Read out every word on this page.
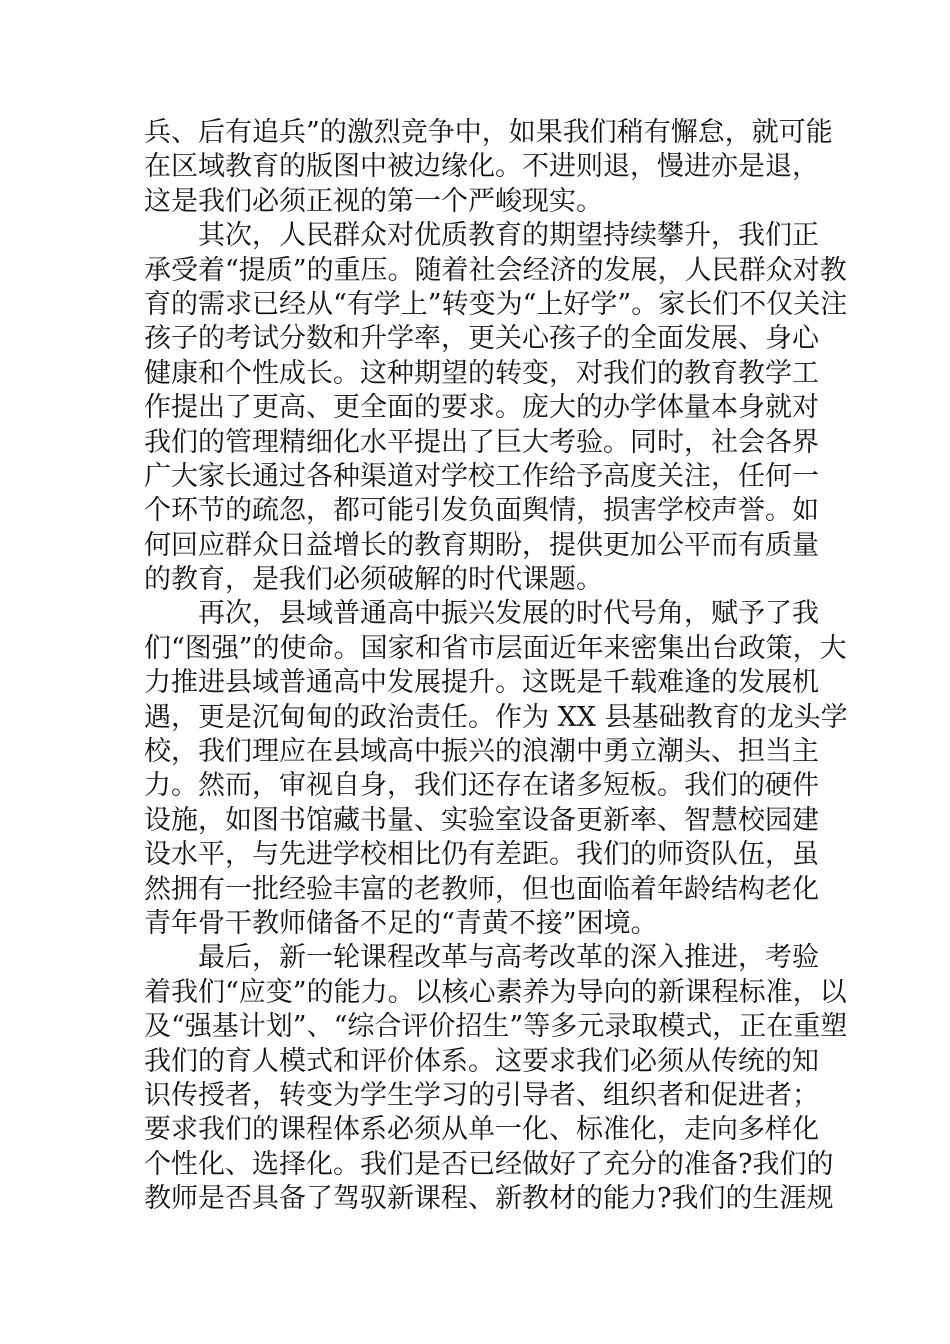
兵、后有追兵”的激烈竞争中，如果我们稍有懈怠，就可能
在区域教育的版图中被边缘化。不进则退，慢进亦是退，
这是我们必须正视的第一个严峻现实。
其次，人民群众对优质教育的期望持续攀升，我们正
承受着“提质”的重压。随着社会经济的发展，人民群众对教
育的需求已经从“有学上”转变为“上好学”。家长们不仅关注
孩子的考试分数和升学率，更关心孩子的全面发展、身心
健康和个性成长。这种期望的转变，对我们的教育教学工
作提出了更高、更全面的要求。庞大的办学体量本身就对
我们的管理精细化水平提出了巨大考验。同时，社会各界
广大家长通过各种渠道对学校工作给予高度关注，任何一
个环节的疏忽，都可能引发负面舆情，损害学校声誉。如
何回应群众日益增长的教育期盼，提供更加公平而有质量
的教育，是我们必须破解的时代课题。
再次，县域普通高中振兴发展的时代号角，赋予了我
们“图强”的使命。国家和省市层面近年来密集出台政策，大
力推进县域普通高中发展提升。这既是千载难逢的发展机
遇，更是沉甸甸的政治责任。作为 XX 县基础教育的龙头学
校，我们理应在县域高中振兴的浪潮中勇立潮头、担当主
力。然而，审视自身，我们还存在诸多短板。我们的硬件
设施，如图书馆藏书量、实验室设备更新率、智慧校园建
设水平，与先进学校相比仍有差距。我们的师资队伍，虽
然拥有一批经验丰富的老教师，但也面临着年龄结构老化
青年骨干教师储备不足的“青黄不接”困境。
最后，新一轮课程改革与高考改革的深入推进，考验
着我们“应变”的能力。以核心素养为导向的新课程标准，以
及“强基计划”、“综合评价招生”等多元录取模式，正在重塑
我们的育人模式和评价体系。这要求我们必须从传统的知
识传授者，转变为学生学习的引导者、组织者和促进者；
要求我们的课程体系必须从单一化、标准化，走向多样化
个性化、选择化。我们是否已经做好了充分的准备?我们的
教师是否具备了驾驭新课程、新教材的能力?我们的生涯规
